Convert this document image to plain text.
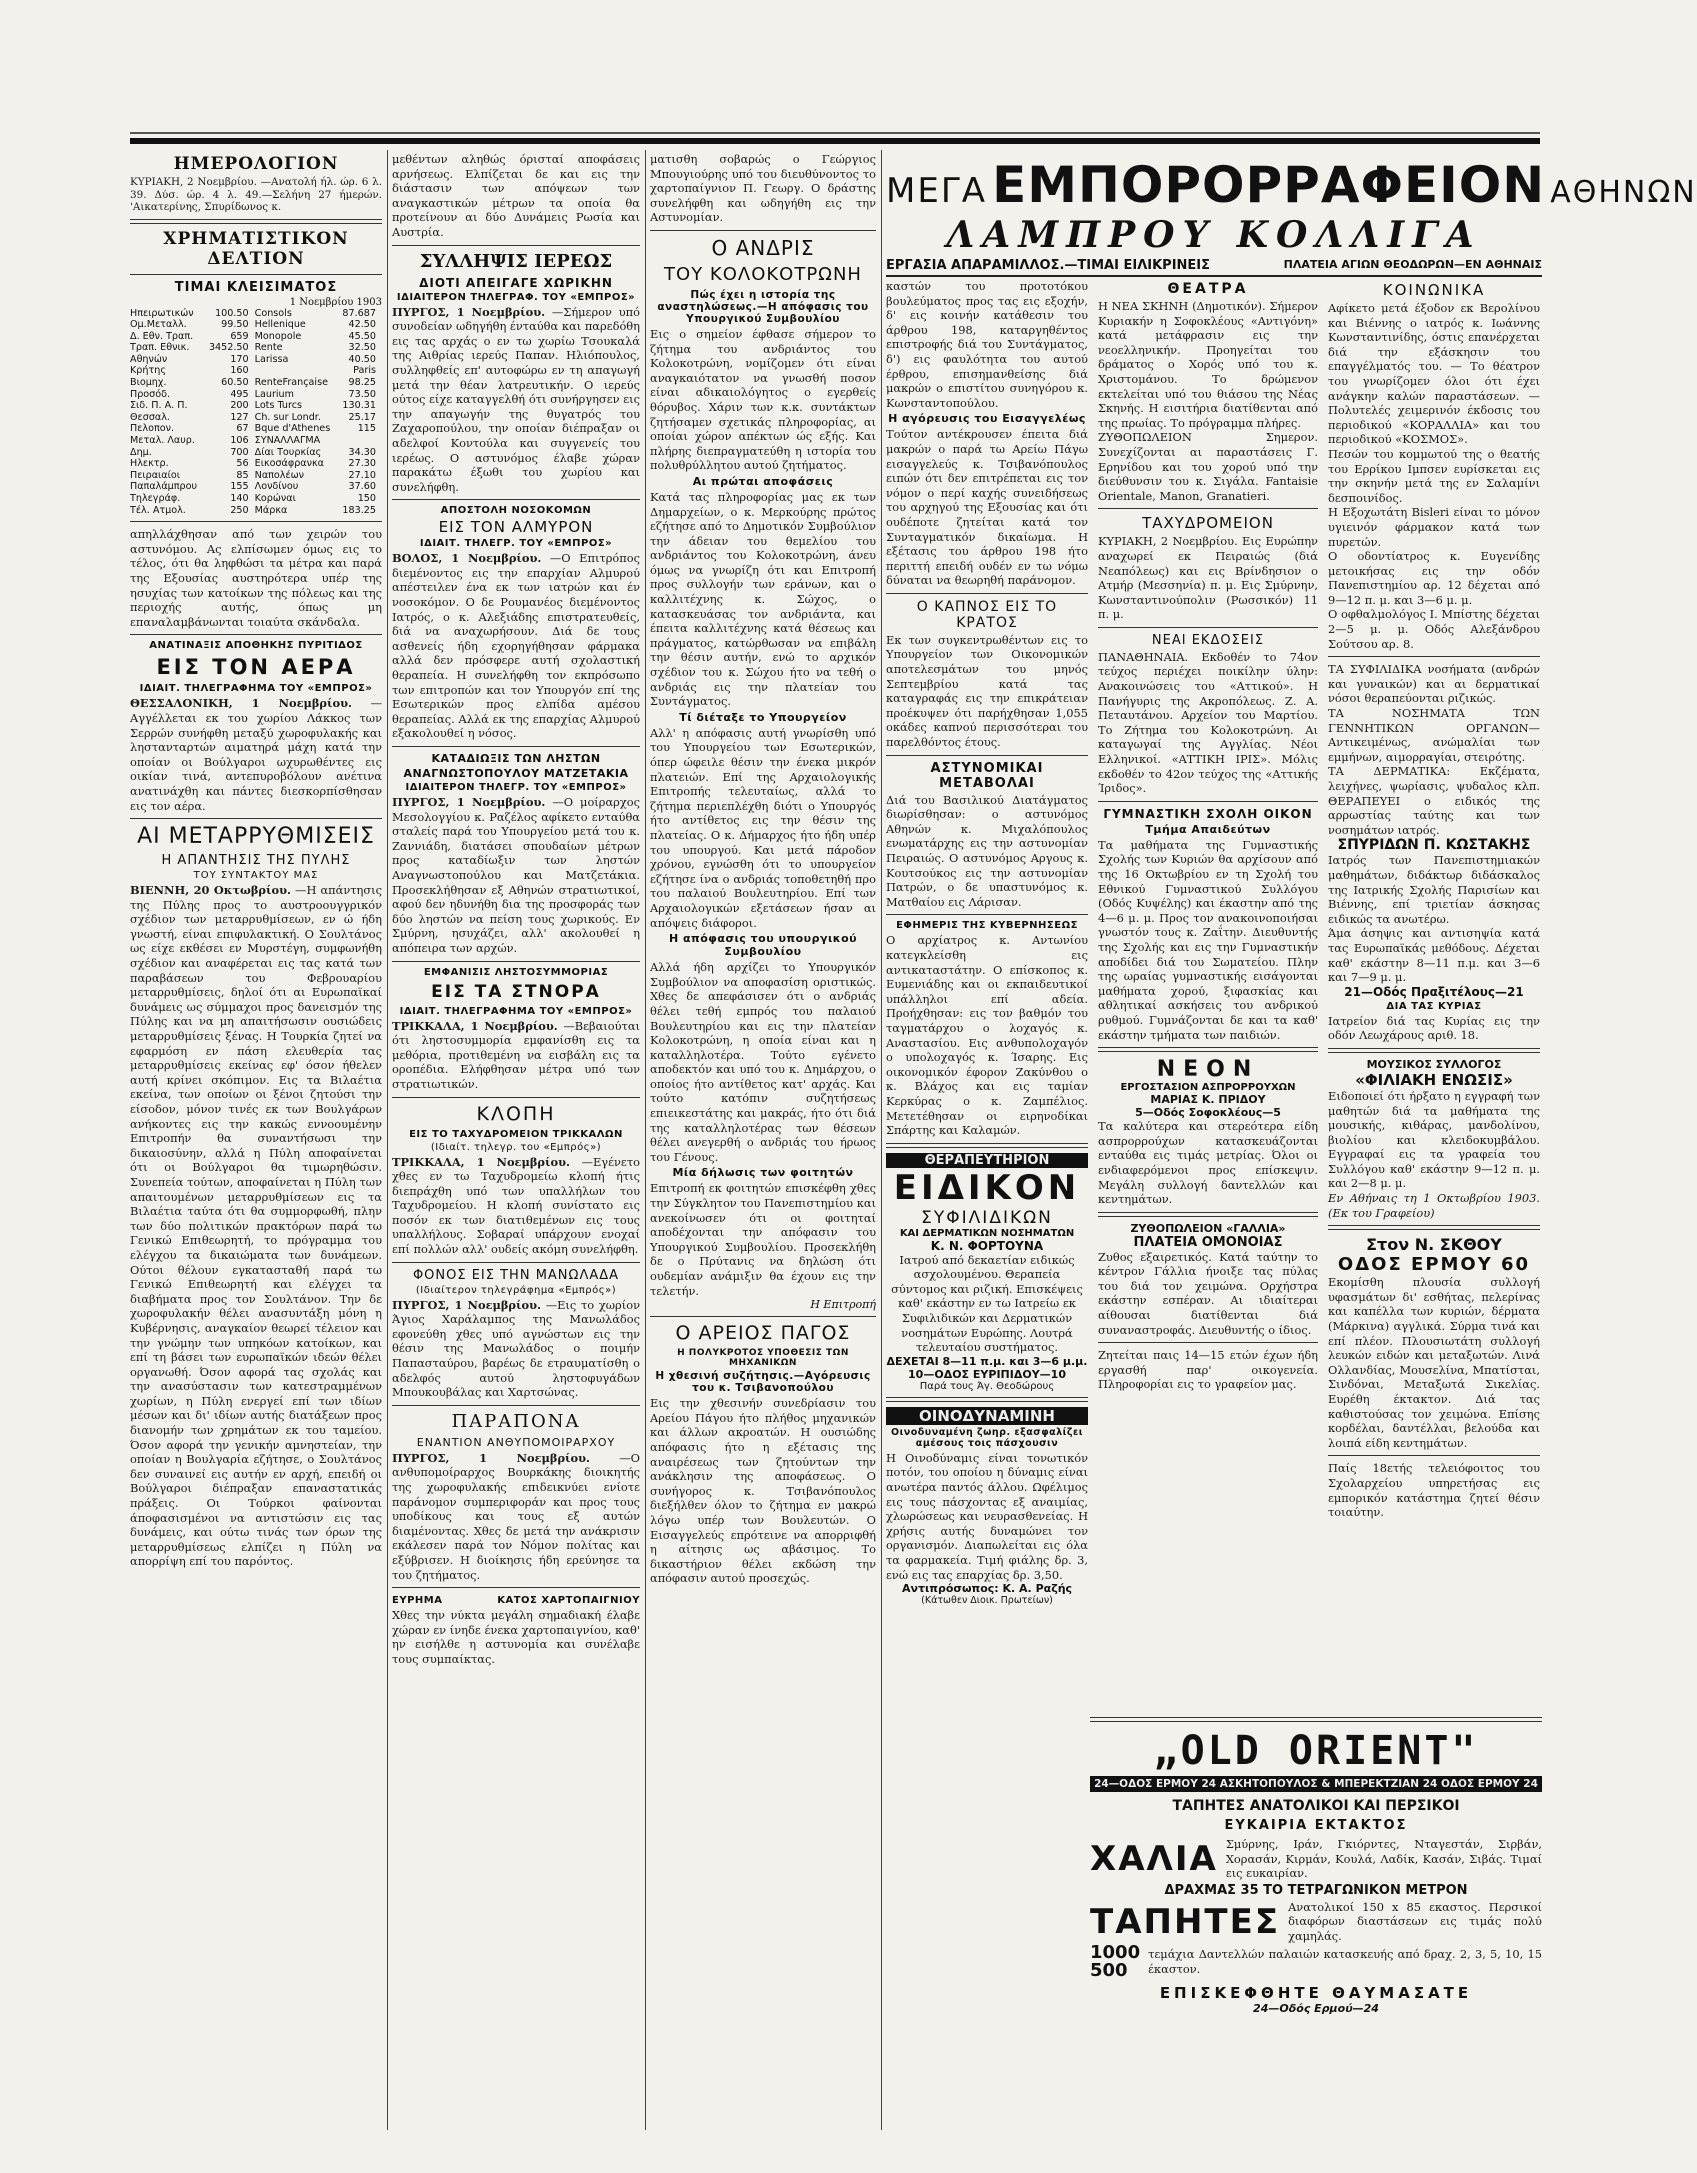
ΗΜΕΡΟΛΟΓΙΟΝ

ΚΥΡΙΑΚΗ, 2 Νοεμβρίου. —Ανατολή ήλ. ώρ. 6 λ. 39. Δύσ. ώρ. 4 λ. 49.—Σελήνη 27 ήμερών. 'Αικατερίνης, Σπυρίδωνος κ.

ΧΡΗΜΑΤΙΣΤΙΚΟΝ ΔΕΛΤΙΟΝ
ΤΙΜΑΙ ΚΛΕΙΣΙΜΑΤΟΣ
1 Νοεμβρίου 1903
Ηπειρωτικών	100.50	Consols	87.687
Ομ.Μεταλλ.	99.50	Hellenique	42.50
Δ. Εθν. Τραπ.	659	Monopole	45.50
Τραπ. Εθνικ.	3452.50	Rente	32.50
Αθηνών	170	Larissa	40.50
Κρήτης	160		Paris
Βιομηχ.	60.50	RenteFrançaise	98.25
Προσόδ.	495	Laurium	73.50
Σιδ. Π. Α. Π.	200	Lots Turcs	130.31
Θεσσαλ.	127	Ch. sur Londr.	25.17
Πελοπον.	67	Bque d'Athenes	115
Μεταλ. Λαυρ.	106	ΣΥΝΑΛΛΑΓΜΑ	
Δημ.	700	Δίαι Τουρκίας	34.30
Ηλεκτρ.	56	Εικοσάφρανκα	27.30
Πειραιαίοι	85	Ναπολέων	27.10
Παπαλάμπρου	155	Λονδίνου	37.60
Τηλεγράφ.	140	Κορώναι	150
Τέλ. Ατμολ.	250	Μάρκα	183.25

απηλλάχθησαν από των χειρών του αστυνόμου. Ας ελπίσωμεν όμως εις το τέλος, ότι θα ληφθώσι τα μέτρα και παρά της Εξουσίας αυστηρότερα υπέρ της ησυχίας των κατοίκων της πόλεως και της περιοχής αυτής, όπως μη επαναλαμβάνωνται τοιαύτα σκάνδαλα.

ΑΝΑΤΙΝΑΞΙΣ ΑΠΟΘΗΚΗΣ ΠΥΡΙΤΙΔΟΣ
ΕΙΣ ΤΟΝ ΑΕΡΑ
ΙΔΙΑΙΤ. ΤΗΛΕΓΡΑΦΗΜΑ ΤΟΥ «ΕΜΠΡΟΣ»

ΘΕΣΣΑΛΟΝΙΚΗ, 1 Νοεμβρίου. —Αγγέλλεται εκ του χωρίου Λάκκος των Σερρών συνήφθη μεταξύ χωροφυλακής και ληστανταρτών αιματηρά μάχη κατά την οποίαν οι Βούλγαροι ωχυρωθέντες εις οικίαν τινά, αντεπυροβόλουν ανέτινα ανατινάχθη και πάντες διεσκορπίσθησαν εις τον αέρα.

ΑΙ ΜΕΤΑΡΡΥΘΜΙΣΕΙΣ
Η ΑΠΑΝΤΗΣΙΣ ΤΗΣ ΠΥΛΗΣ
ΤΟΥ ΣΥΝΤΑΚΤΟΥ ΜΑΣ

ΒΙΕΝΝΗ, 20 Οκτωβρίου. —Η απάντησις της Πύλης προς το αυστροουγγρικόν σχέδιον των μεταρρυθμίσεων, εν ώ ήδη γνωστή, είναι επιφυλακτική. Ο Σουλτάνος ως είχε εκθέσει εν Μυρστέγη, συμφωνήθη σχέδιον και αναφέρεται εις τας κατά των παραβάσεων του Φεβρουαρίου μεταρρυθμίσεις, δηλοί ότι αι Ευρωπαϊκαί δυνάμεις ως σύμμαχοι προς δανεισμόν της Πύλης και να μη απαιτήσωσιν ουσιώδεις μεταρρυθμίσεις ξένας. Η Τουρκία ζητεί να εφαρμόση εν πάση ελευθερία τας μεταρρυθμίσεις εκείνας εφ' όσον ήθελεν αυτή κρίνει σκόπιμον. Εις τα Βιλαέτια εκείνα, των οποίων οι ξένοι ζητούσι την είσοδον, μόνον τινές εκ των Βουλγάρων ανήκοντες εις την κακώς εννοουμένην Επιτροπήν θα συναντήσωσι την δικαιοσύνην, αλλά η Πύλη αποφαίνεται ότι οι Βούλγαροι θα τιμωρηθώσιν. Συνεπεία τούτων, αποφαίνεται η Πύλη των απαιτουμένων μεταρρυθμίσεων εις τα Βιλαέτια ταύτα ότι θα συμμορφωθή, πλην των δύο πολιτικών πρακτόρων παρά τω Γενικώ Επιθεωρητή, το πρόγραμμα του ελέγχου τα δικαιώματα των δυνάμεων. Ούτοι θέλουν εγκατασταθή παρά τω Γενικώ Επιθεωρητή και ελέγχει τα διαβήματα προς τον Σουλτάνον. Την δε χωροφυλακήν θέλει ανασυντάξη μόνη η Κυβέρνησις, αναγκαίον θεωρεί τέλειον και την γνώμην των υπηκόων κατοίκων, και επί τη βάσει των ευρωπαϊκών ιδεών θέλει οργανωθή. Όσον αφορά τας σχολάς και την ανασύστασιν των κατεστραμμένων χωρίων, η Πύλη ενεργεί επί των ιδίων μέσων και δι' ιδίων αυτής διατάξεων προς διανομήν των χρημάτων εκ του ταμείου. Όσον αφορά την γενικήν αμνηστείαν, την οποίαν η Βουλγαρία εζήτησε, ο Σουλτάνος δεν συναινεί εις αυτήν εν αρχή, επειδή οι Βούλγαροι διέπραξαν επαναστατικάς πράξεις. Οι Τούρκοι φαίνονται άποφασισμένοι να αντιστώσιν εις τας δυνάμεις, και ούτω τινάς των όρων της μεταρρυθμίσεως ελπίζει η Πύλη να απορρίψη επί του παρόντος.

μεθέντων αληθώς όρισταί αποφάσεις αρνήσεως. Ελπίζεται δε και εις την διάστασιν των απόψεων των αναγκαστικών μέτρων τα οποία θα προτείνουν αι δύο Δυνάμεις Ρωσία και Αυστρία.

ΣΥΛΛΗΨΙΣ ΙΕΡΕΩΣ
ΔΙΟΤΙ ΑΠΕΙΓΑΓΕ ΧΩΡΙΚΗΝ
ΙΔΙΑΙΤΕΡΟΝ ΤΗΛΕΓΡΑΦ. ΤΟΥ «ΕΜΠΡΟΣ»

ΠΥΡΓΟΣ, 1 Νοεμβρίου. —Σήμερον υπό συνοδείαν ωδηγήθη ένταύθα και παρεδόθη εις τας αρχάς ο εν τω χωρίω Τσουκαλά της Αιθρίας ιερεύς Παπαν. Ηλιόπουλος, συλληφθείς επ' αυτοφώρω εν τη απαγωγή μετά την θέαν λατρευτικήν. Ο ιερεύς ούτος είχε καταγγελθή ότι συνήργησεν εις την απαγωγήν της θυγατρός του Ζαχαροπούλου, την οποίαν διέπραξαν οι αδελφοί Κοντούλα και συγγενείς του ιερέως. Ο αστυνόμος έλαβε χώραν παρακάτω έξωθι του χωρίου και συνελήφθη.

ΑΠΟΣΤΟΛΗ ΝΟΣΟΚΟΜΩΝ
ΕΙΣ ΤΟΝ ΑΛΜΥΡΟΝ
ΙΔΙΑΙΤ. ΤΗΛΕΓΡ. ΤΟΥ «ΕΜΠΡΟΣ»

ΒΟΛΟΣ, 1 Νοεμβρίου. —Ο Επιτρόπος διεμένοντος εις την επαρχίαν Αλμυρού απέστειλεν ένα εκ των ιατρών και έν νοσοκόμον. Ο δε Ρουμανέος διεμένοντος Ιατρός, ο κ. Αλεξιάδης επιστρατευθείς, διά να αναχωρήσουν. Διά δε τους ασθενείς ήδη εχορηγήθησαν φάρμακα αλλά δεν πρόσφερε αυτή σχολαστική θεραπεία. Η συνελήφθη τον εκπρόσωπο των επιτροπών και τον Υπουργόν επί της Εσωτερικών προς ελπίδα αμέσου θεραπείας. Αλλά εκ της επαρχίας Αλμυρού εξακολουθεί η νόσος.

ΚΑΤΑΔΙΩΞΙΣ ΤΩΝ ΛΗΣΤΩΝ
ΑΝΑΓΝΩΣΤΟΠΟΥΛΟΥ ΜΑΤΖΕΤΑΚΙΑ
ΙΔΙΑΙΤΕΡΟΝ ΤΗΛΕΓΡ. ΤΟΥ «ΕΜΠΡΟΣ»

ΠΥΡΓΟΣ, 1 Νοεμβρίου. —Ο μοίραρχος Μεσολογγίου κ. Ραζέλος αφίκετο ενταύθα σταλείς παρά του Υπουργείου μετά του κ. Ζαννιάδη, διατάσει σπουδαίων μέτρων προς καταδίωξιν των ληστών Αναγνωστοπούλου και Ματζετάκια. Προσεκλήθησαν εξ Αθηνών στρατιωτικοί, αφού δεν ηδυνήθη δια της προσφοράς των δύο ληστών να πείση τους χωρικούς. Εν Σμύρνη, ησυχάζει, αλλ' ακολουθεί η απόπειρα των αρχών.

ΕΜΦΑΝΙΣΙΣ ΛΗΣΤΟΣΥΜΜΟΡΙΑΣ
ΕΙΣ ΤΑ ΣΤΝΟΡΑ
ΙΔΙΑΙΤ. ΤΗΛΕΓΡΑΦΗΜΑ ΤΟΥ «ΕΜΠΡΟΣ»

ΤΡΙΚΚΑΛΑ, 1 Νοεμβρίου. —Βεβαιούται ότι ληστοσυμμορία εμφανίσθη εις τα μεθόρια, προτιθεμένη να εισβάλη εις τα οροπέδια. Ελήφθησαν μέτρα υπό των στρατιωτικών.

ΚΛΟΠΗ
ΕΙΣ ΤΟ ΤΑΧΥΔΡΟΜΕΙΟΝ ΤΡΙΚΚΑΛΩΝ
(Ιδιαίτ. τηλεγρ. του «Εμπρός»)

ΤΡΙΚΚΑΛΑ, 1 Νοεμβρίου. —Εγένετο χθες εν τω Ταχυδρομείω κλοπή ήτις διεπράχθη υπό των υπαλλήλων του Ταχυδρομείου. Η κλοπή συνίστατο εις ποσόν εκ των διατιθεμένων εις τους υπαλλήλους. Σοβαραί υπάρχουν ενοχαί επί πολλών αλλ' ουδείς ακόμη συνελήφθη.

ΦΟΝΟΣ ΕΙΣ ΤΗΝ ΜΑΝΩΛΑΔΑ
(Ιδιαίτερον τηλεγράφημα «Εμπρός»)

ΠΥΡΓΟΣ, 1 Νοεμβρίου. —Εις το χωρίον Άγιος Χαράλαμπος της Μανωλάδος εφονεύθη χθες υπό αγνώστων εις την θέσιν της Μανωλάδος ο ποιμήν Παπασταύρου, βαρέως δε ετραυματίσθη ο αδελφός αυτού ληστοφυγάδων Μπουκουβάλας και Χαρτσώνας.

ΠΑΡΑΠΟΝΑ
ΕΝΑΝΤΙΟΝ ΑΝΘΥΠΟΜΟΙΡΑΡΧΟΥ

ΠΥΡΓΟΣ, 1 Νοεμβρίου.	—Ο ανθυπομοίραρχος Βουρκάκης διοικητής της χωροφυλακής επιδεικνύει ενίοτε παράνομον συμπεριφοράν και προς τους υποδίκους και τους εξ αυτών διαμένοντας. Χθες δε μετά την ανάκρισιν εκάλεσεν παρά τον Νόμον πολίτας και εξύβρισεν. Η διοίκησις ήδη ερεύνησε τα του ζητήματος.

ΕΥΡΗΜΑ	ΚΑΤΟΣ ΧΑΡΤΟΠΑΙΓΝΙΟΥ

Χθες την νύκτα μεγάλη σημαδιακή έλαβε χώραν εν ίνηδε ένεκα χαρτοπαιγνίου, καθ' ην εισήλθε η αστυνομία και συνέλαβε τους συμπαίκτας.

ματισθη σοβαρώς ο Γεώργιος Μπουγιούρης υπό του διευθύνοντος το χαρτοπαίγνιον Π. Γεωργ. Ο δράστης συνελήφθη και ωδηγήθη εις την Αστυνομίαν.

Ο ΑΝΔΡΙΣ
ΤΟΥ ΚΟΛΟΚΟΤΡΩΝΗ
Πώς έχει η ιστορία της αναστηλώσεως.—Η απόφασις του Υπουργικού Συμβουλίου

Εις ο σημείον έφθασε σήμερον το ζήτημα του ανδριάντος του Κολοκοτρώνη, νομίζομεν ότι είναι αναγκαιότατον να γνωσθή ποσον είναι αδικαιολόγητος ο εγερθείς θόρυβος. Χάριν των κ.κ. συντάκτων ζητήσαμεν σχετικάς πληροφορίας, αι οποίαι χώρον απέκτων ώς εξής. Και πλήρης διεπραγματεύθη η ιστορία του πολυθρύλλητου αυτού ζητήματος.

Αι πρώται αποφάσεις

Κατά τας πληροφορίας μας εκ των Δημαρχείων, ο κ. Μερκούρης πρώτος εζήτησε από το Δημοτικόν Συμβούλιον την άδειαν του θεμελίου του ανδριάντος του Κολοκοτρώνη, άνευ όμως να γνωρίζη ότι και Επιτροπή προς συλλογήν των εράνων, και ο καλλιτέχνης κ. Σώχος, ο κατασκευάσας τον ανδριάντα, και έπειτα καλλιτέχνης κατά θέσεως και πράγματος, κατώρθωσαν να επιβάλη την θέσιν αυτήν, ενώ το αρχικόν σχέδιον του κ. Σώχου ήτο να τεθή ο ανδριάς εις την πλατείαν του Συντάγματος.

Τί διέταξε το Υπουργείον

Αλλ' η απόφασις αυτή γνωρίσθη υπό του Υπουργείου των Εσωτερικών, όπερ ώφειλε θέσιν την ένεκα μικρόν πλατειών. Επί της Αρχαιολογικής Επιτροπής τελευταίως, αλλά το ζήτημα περιεπλέχθη διότι ο Υπουργός ήτο αντίθετος εις την θέσιν της πλατείας. Ο κ. Δήμαρχος ήτο ήδη υπέρ του υπουργού. Και μετά πάροδον χρόνου, εγνώσθη ότι το υπουργείον εζήτησε ίνα ο ανδριάς τοποθετηθή προ του παλαιού Βουλευτηρίου. Επί των Αρχαιολογικών εξετάσεων ήσαν αι απόψεις διάφοροι.

Η απόφασις του υπουργικού Συμβουλίου

Αλλά ήδη αρχίζει το Υπουργικόν Συμβούλιον να αποφασίση οριστικώς. Χθες δε απεφάσισεν ότι ο ανδριάς θέλει τεθή εμπρός του παλαιού Βουλευτηρίου και εις την πλατείαν Κολοκοτρώνη, η οποία είναι και η καταλληλοτέρα. Τούτο εγένετο αποδεκτόν και υπό του κ. Δημάρχου, ο οποίος ήτο αντίθετος κατ' αρχάς. Και τούτο κατόπιν συζητήσεως επιεικεστάτης και μακράς, ήτο ότι διά της καταλληλοτέρας των θέσεων θέλει ανεγερθή ο ανδριάς του ήρωος του Γένους.

Μία δήλωσις των φοιτητών

Επιτροπή εκ φοιτητών επισκέφθη χθες την Σύγκλητον του Πανεπιστημίου και ανεκοίνωσεν ότι οι φοιτηταί αποδέχονται την απόφασιν του Υπουργικού Συμβουλίου. Προσεκλήθη δε ο Πρύτανις να δηλώση ότι ουδεμίαν ανάμιξιν θα έχουν εις την τελετήν.

Η Επιτροπή
Ο ΑΡΕΙΟΣ ΠΑΓΟΣ
Η ΠΟΛΥΚΡΟΤΟΣ ΥΠΟΘΕΣΙΣ ΤΩΝ ΜΗΧΑΝΙΚΩΝ
Η χθεσινή συζήτησις.—Αγόρευσις του κ. Τσιβανοπούλου

Εις την χθεσινήν συνεδρίασιν του Αρείου Πάγου ήτο πλήθος μηχανικών και άλλων ακροατών. Η ουσιώδης απόφασις ήτο η εξέτασις της αναιρέσεως των ζητούντων την ανάκλησιν της αποφάσεως. Ο συνήγορος κ. Τσιβανόπουλος διεξήλθεν όλον το ζήτημα εν μακρώ λόγω υπέρ των Βουλευτών. Ο Εισαγγελεύς επρότεινε να απορριφθή η αίτησις ως αβάσιμος. Το δικαστήριον θέλει εκδώση την απόφασιν αυτού προσεχώς.

ΜΕΓΑ ΕΜΠΟΡΟΡΡΑΦΕΙΟΝ ΑΘΗΝΩΝ
ΛΑΜΠΡΟΥ ΚΟΛΛΙΓΑ
ΕΡΓΑΣΙΑ ΑΠΑΡΑΜΙΛΛΟΣ.—ΤΙΜΑΙ ΕΙΛΙΚΡΙΝΕΙΣ	ΠΛΑΤΕΙΑ ΑΓΙΩΝ ΘΕΟΔΩΡΩΝ—ΕΝ ΑΘΗΝΑΙΣ

καστών του προτοτόκου βουλεύματος προς τας εις εξοχήν, δ' εις κοινήν κατάθεσιν του άρθρου 198, καταργηθέντος επιστροφής διά του Συντάγματος, δ') εις φαυλότητα του αυτού έρθρου, επισημανθείσης διά μακρών ο επιστίτου συνηγόρου κ. Κωνσταντοπούλου.

Η αγόρευσις του Εισαγγελέως

Τούτον αντέκρουσεν έπειτα διά μακρών ο παρά τω Αρείω Πάγω εισαγγελεύς κ. Τσιβανόπουλος ειπών ότι δεν επιτρέπεται εις τον νόμον ο περί καχής συνειδήσεως του αρχηγού της Εξουσίας και ότι ουδέποτε ζητείται κατά τον Συνταγματικόν δικαίωμα. Η εξέτασις του άρθρου 198 ήτο περιττή επειδή ουδέν εν τω νόμω δύναται να θεωρηθή παράνομον.

Ο ΚΑΠΝΟΣ ΕΙΣ ΤΟ ΚΡΑΤΟΣ

Εκ των συγκεντρωθέντων εις το Υπουργείον των Οικονομικών αποτελεσμάτων του μηνός Σεπτεμβρίου κατά τας καταγραφάς εις την επικράτειαν προέκυψεν ότι παρήχθησαν 1,055 οκάδες καπνού περισσότεραι του παρελθόντος έτους.

ΑΣΤΥΝΟΜΙΚΑΙ ΜΕΤΑΒΟΛΑΙ

Διά του Βασιλικού Διατάγματος διωρίσθησαν: ο αστυνόμος Αθηνών κ. Μιχαλόπουλος ενωματάρχης εις την αστυνομίαν Πειραιώς. Ο αστυνόμος Αργους κ. Κουτσούκος εις την αστυνομίαν Πατρών, ο δε υπαστυνόμος κ. Ματθαίου εις Λάρισαν.

ΕΦΗΜΕΡΙΣ ΤΗΣ ΚΥΒΕΡΝΗΣΕΩΣ

Ο αρχίατρος κ. Αντωνίου κατεγκλείσθη εις αντικαταστάτην. Ο επίσκοπος κ. Ευμενιάδης και οι εκπαιδευτικοί υπάλληλοι επί αδεία. Προήχθησαν: εις τον βαθμόν του ταγματάρχου ο λοχαγός κ. Αναστασίου. Εις ανθυπολοχαγόν ο υπολοχαγός κ. Ίσαρης. Εις οικονομικόν έφορον Ζακύνθου ο κ. Βλάχος και εις ταμίαν Κερκύρας ο κ. Ζαμπέλιος. Μετετέθησαν οι ειρηνοδίκαι Σπάρτης και Καλαμών.

ΘΕΡΑΠΕΥΤΗΡΙΟΝ
ΕΙΔΙΚΟΝ
ΣΥΦΙΛΙΔΙΚΩΝ
ΚΑΙ ΔΕΡΜΑΤΙΚΩΝ ΝΟΣΗΜΑΤΩΝ
Κ. Ν. ΦΟΡΤΟΥΝΑ

Ιατρού από δεκαετίαν ειδικώς ασχολουμένου. Θεραπεία σύντομος και ριζική. Επισκέψεις καθ' εκάστην εν τω Ιατρείω εκ Συφιλιδικών και Δερματικών νοσημάτων Ευρώπης. Λουτρά τελευταίου συστήματος.

ΔΕΧΕΤΑΙ 8—11 π.μ. και 3—6 μ.μ.
10—ΟΔΟΣ ΕΥΡΙΠΙΔΟΥ—10
Παρά τους Άγ. Θεοδώρους
ΟΙΝΟΔΥΝΑΜΙΝΗ
Οινοδυναμένη ζωηρ. εξασφαλίζει αμέσους τοις πάσχουσιν

Η Οινοδύναμις είναι τονωτικόν ποτόν, του οποίου η δύναμις είναι ανωτέρα παντός άλλου. Ωφέλιμος εις τους πάσχοντας εξ αναιμίας, χλωρώσεως και νευρασθενείας. Η χρήσις αυτής δυναμώνει τον οργανισμόν. Διαπωλείται εις όλα τα φαρμακεία. Τιμή φιάλης δρ. 3, ενώ εις τας επαρχίας δρ. 3,50.

Αντιπρόσωπος: Κ. Α. Ραζής
(Κάτωθεν Διοικ. Πρωτείων)
ΘΕΑΤΡΑ

Η ΝΕΑ ΣΚΗΝΗ (Δημοτικόν). Σήμερον Κυριακήν η Σοφοκλέους «Αντιγόνη» κατά μετάφρασιν εις την νεοελληνικήν. Προηγείται του δράματος ο Χορός υπό του κ. Χριστομάνου. Το δρώμενον εκτελείται υπό του θιάσου της Νέας Σκηνής. Η εισιτήρια διατίθενται από της πρωίας. Το πρόγραμμα πλήρες.

ΖΥΘΟΠΩΛΕΙΟΝ Σημερον. Συνεχίζονται αι παραστάσεις Γ. Ερηνίδου και του χορού υπό την διεύθυνσιν του κ. Σιγάλα. Fantaisie Orientale, Manon, Granatieri.

ΤΑΧΥΔΡΟΜΕΙΟΝ

ΚΥΡΙΑΚΗ, 2 Νοεμβρίου. Εις Ευρώπην αναχωρεί εκ Πειραιώς (διά Νεαπόλεως) και εις Βρίνδησιον ο Ατμήρ (Μεσσηνία) π. μ. Εις Σμύρνην, Κωνσταντινούπολιν (Ρωσσικόν) 11 π. μ.

ΝΕΑΙ ΕΚΔΟΣΕΙΣ

ΠΑΝΑΘΗΝΑΙΑ. Εκδοθέν το 74ον τεύχος περιέχει ποικίλην ύλην: Ανακοινώσεις του «Αττικού». Η Πανήγυρις της Ακροπόλεως. Ζ. Α. Πεταυτάνου. Αρχείον του Μαρτίου. Το Ζήτημα του Κολοκοτρώνη. Αι καταγωγαί της Αγγλίας. Νέοι Ελληνικοί. «ΑΤΤΙΚΗ ΙΡΙΣ». Μόλις εκδοθέν το 42ον τεύχος της «Αττικής Ίριδος».

ΓΥΜΝΑΣΤΙΚΗ ΣΧΟΛΗ ΟΙΚΟΝ
Τμήμα Απαιδεύτων

Τα μαθήματα της Γυμναστικής Σχολής των Κυριών θα αρχίσουν από της 16 Οκτωβρίου εν τη Σχολή του Εθνικού Γυμναστικού Συλλόγου (Οδός Κυψέλης) και έκαστην από της 4—6 μ. μ. Προς τον ανακοινοποιήσαι γνωστόν τους κ. Ζαΐτην. Διευθυντής της Σχολής και εις την Γυμναστικήν αποδίδει διά του Σωματείου. Πλην της ωραίας γυμναστικής εισάγονται μαθήματα χορού, ξιφασκίας και αθλητικαί ασκήσεις του ανδρικού ρυθμού. Γυμνάζονται δε και τα καθ' εκάστην τμήματα των παιδιών.

ΝΕΟΝ
ΕΡΓΟΣΤΑΣΙΟΝ ΑΣΠΡΟΡΡΟΥΧΩΝ
ΜΑΡΙΑΣ Κ. ΠΡΙΔΟΥ
5—Οδός Σοφοκλέους—5

Τα καλύτερα και στερεότερα είδη ασπρορρούχων κατασκευάζονται ενταύθα εις τιμάς μετρίας. Όλοι οι ενδιαφερόμενοι προς επίσκεψιν. Μεγάλη συλλογή δαντελλών και κεντημάτων.

ΖΥΘΟΠΩΛΕΙΟΝ «ΓΑΛΛΙΑ»
ΠΛΑΤΕΙΑ ΟΜΟΝΟΙΑΣ

Ζυθος εξαιρετικός. Κατά ταύτην το κέντρον Γάλλια ήνοιξε τας πύλας του διά τον χειμώνα. Ορχήστρα εκάστην εσπέραν. Αι ιδιαίτεραι αίθουσαι διατίθενται διά συναναστροφάς. Διευθυντής ο ίδιος.

Ζητείται παις 14—15 ετών έχων ήδη εργασθή παρ' οικογενεία. Πληροφορίαι εις το γραφείον μας.

ΚΟΙΝΩΝΙΚΑ

Αφίκετο μετά έξοδον εκ Βερολίνου και Βιέννης ο ιατρός κ. Ιωάννης Κωνσταντινίδης, όστις επανέρχεται διά την εξάσκησιν του επαγγέλματός του. — Το θέατρον του γνωρίζομεν όλοι ότι έχει ανάγκην καλών παραστάσεων. — Πολυτελές χειμερινόν έκδοσις του περιοδικού «ΚΟΡΑΛΛΙΑ» και του περιοδικού «ΚΟΣΜΟΣ».

Πεσών του κομμωτού της ο θεατής του Ερρίκου Ιμπσεν ευρίσκεται εις την σκηνήν μετά της εν Σαλαμίνι δεσποινίδος.

Η Εξοχωτάτη Bisleri είναι το μόνον υγιεινόν φάρμακον κατά των πυρετών.

Ο οδοντίατρος κ. Ευγενίδης μετοικήσας εις την οδόν Πανεπιστημίου αρ. 12 δέχεται από 9—12 π. μ. και 3—6 μ. μ.

Ο οφθαλμολόγος Ι. Μπίστης δέχεται 2—5 μ. μ. Οδός Αλεξάνδρου Σούτσου αρ. 8.

ΤΑ ΣΥΦΙΛΙΔΙΚΑ νοσήματα (ανδρών και γυναικών) και αι δερματικαί νόσοι θεραπεύονται ριζικώς.

ΤΑ ΝΟΣΗΜΑΤΑ ΤΩΝ ΓΕΝΝΗΤΙΚΩΝ ΟΡΓΑΝΩΝ—Αντικειμένως, ανώμαλίαι των εμμήνων, αιμορραγίαι, στειρότης.

ΤΑ ΔΕΡΜΑΤΙΚΑ: Εκζέματα, λειχήνες, ψωρίασις, ψυδαλος κλπ. ΘΕΡΑΠΕΥΕΙ ο ειδικός της αρρωστίας ταύτης και των νοσημάτων ιατρός.

ΣΠΥΡΙΔΩΝ Π. ΚΩΣΤΑΚΗΣ

Ιατρός των Πανεπιστημιακών μαθημάτων, διδάκτωρ διδάσκαλος της Ιατρικής Σχολής Παρισίων και Βιέννης, επί τριετίαν άσκησας ειδικώς τα ανωτέρω.

Άμα άσηψις και αντισηψία κατά τας Ευρωπαϊκάς μεθόδους. Δέχεται καθ' εκάστην 8—11 π.μ. και 3—6 και 7—9 μ. μ.

21—Οδός Πραξιτέλους—21
ΔΙΑ ΤΑΣ ΚΥΡΙΑΣ

Ιατρείον διά τας Κυρίας εις την οδόν Λεωχάρους αριθ. 18.

ΜΟΥΣΙΚΟΣ ΣΥΛΛΟΓΟΣ
«ΦΙΛΙΑΚΗ ΕΝΩΣΙΣ»

Ειδοποιεί ότι ήρξατο η εγγραφή των μαθητών διά τα μαθήματα της μουσικής, κιθάρας, μανδολίνου, βιολίου και κλειδοκυμβάλου. Εγγραφαί εις τα γραφεία του Συλλόγου καθ' εκάστην 9—12 π. μ. και 2—8 μ. μ.

Εν Αθήναις τη 1 Οκτωβρίου 1903. (Εκ του Γραφείου)

Στον Ν. ΣΚΘΟΥ
ΟΔΟΣ ΕΡΜΟΥ 60

Εκομίσθη πλουσία συλλογή υφασμάτων δι' εσθήτας, πελερίνας και καπέλλα των κυριών, δέρματα (Μάρκινα) αγγλικά. Σύρμα τινά και επί πλέον. Πλουσιωτάτη συλλογή λευκών ειδών και μεταξωτών. Λινά Ολλανδίας, Μουσελίνα, Μπατίσται, Σινδόναι, Μεταξωτά Σικελίας. Ευρέθη έκτακτον. Διά τας καθιστούσας τον χειμώνα. Επίσης κορδέλαι, δαντέλλαι, βελούδα και λοιπά είδη κεντημάτων.

Παίς 18ετής τελειόφοιτος του Σχολαρχείου υπηρετήσας εις εμπορικόν κατάστημα ζητεί θέσιν τοιαύτην.

„OLD ORIENT"
24—ΟΔΟΣ ΕΡΜΟΥ 24 ΑΣΚΗΤΟΠΟΥΛΟΣ & ΜΠΕΡΕΚΤΖΙΑΝ 24 ΟΔΟΣ ΕΡΜΟΥ 24
ΤΑΠΗΤΕΣ ΑΝΑΤΟΛΙΚΟΙ ΚΑΙ ΠΕΡΣΙΚΟΙ
ΕΥΚΑΙΡΙΑ ΕΚΤΑΚΤΟΣ
ΧΑΛΙΑ Σμύρνης, Ιράν, Γκιόρντες, Νταγεστάν, Σιρβάν, Χορασάν, Κιρμάν, Κουλά, Λαδίκ, Κασάν, Σιβάς. Τιμαί εις ευκαιρίαν.
ΔΡΑΧΜΑΣ 35 ΤΟ ΤΕΤΡΑΓΩΝΙΚΟΝ ΜΕΤΡΟΝ
ΤΑΠΗΤΕΣ Ανατολικοί 150 x 85 εκαστος. Περσικοί διαφόρων διαστάσεων εις τιμάς πολύ χαμηλάς.
1000
500
τεμάχια Δαντελλών παλαιών κατασκευής από δραχ. 2, 3, 5, 10, 15 έκαστον.
ΕΠΙΣΚΕΦΘΗΤΕ ΘΑΥΜΑΣΑΤΕ
24—Οδός Ερμού—24
